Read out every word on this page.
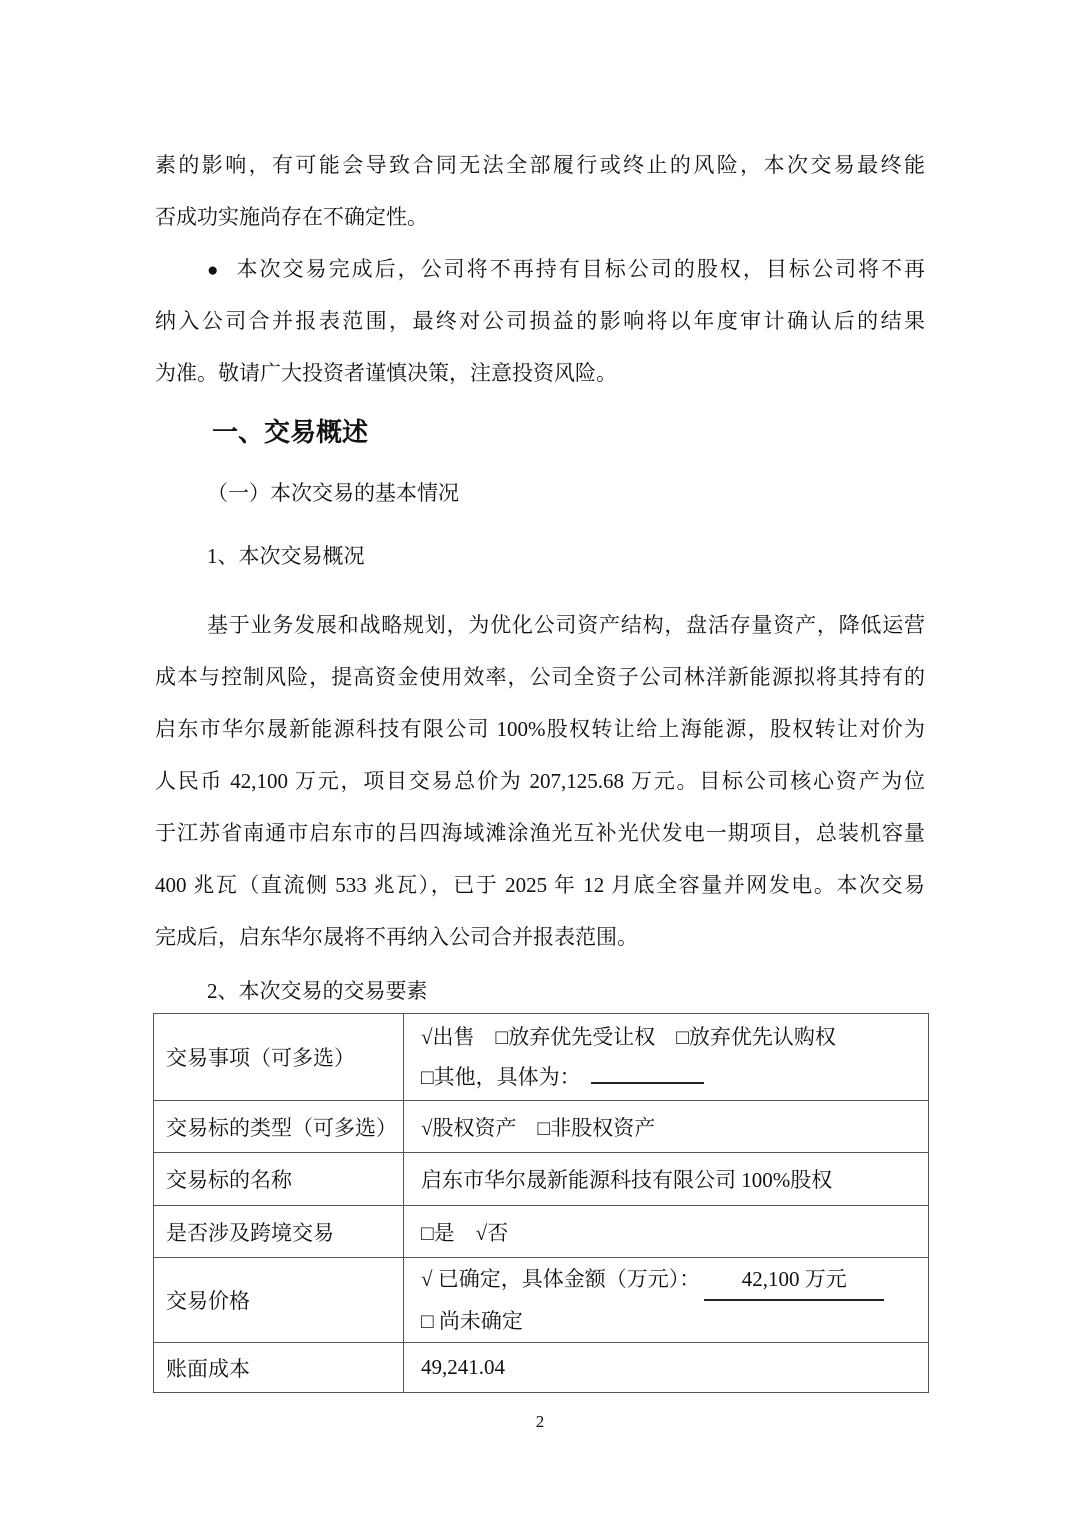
素的影响，有可能会导致合同无法全部履行或终止的风险，本次交易最终能
否成功实施尚存在不确定性。
● 本次交易完成后，公司将不再持有目标公司的股权，目标公司将不再
纳入公司合并报表范围，最终对公司损益的影响将以年度审计确认后的结果
为准。敬请广大投资者谨慎决策，注意投资风险。
一、交易概述
（一）本次交易的基本情况
1、本次交易概况
基于业务发展和战略规划，为优化公司资产结构，盘活存量资产，降低运营
成本与控制风险，提高资金使用效率，公司全资子公司林洋新能源拟将其持有的
启东市华尔晟新能源科技有限公司 100%股权转让给上海能源，股权转让对价为
人民币 42,100 万元，项目交易总价为 207,125.68 万元。目标公司核心资产为位
于江苏省南通市启东市的吕四海域滩涂渔光互补光伏发电一期项目，总装机容量
400 兆瓦（直流侧 533 兆瓦），已于 2025 年 12 月底全容量并网发电。本次交易
完成后，启东华尔晟将不再纳入公司合并报表范围。
2、本次交易的交易要素
交易事项（可多选）	√出售　□放弃优先受让权　□放弃优先认购权
□其他，具体为：

交易标的类型（可多选）	√股权资产　□非股权资产
交易标的名称	启东市华尔晟新能源科技有限公司 100%股权
是否涉及跨境交易	□是　√否
交易价格	√ 已确定，具体金额（万元）： 42,100 万元
□ 尚未确定

账面成本	49,241.04
2
